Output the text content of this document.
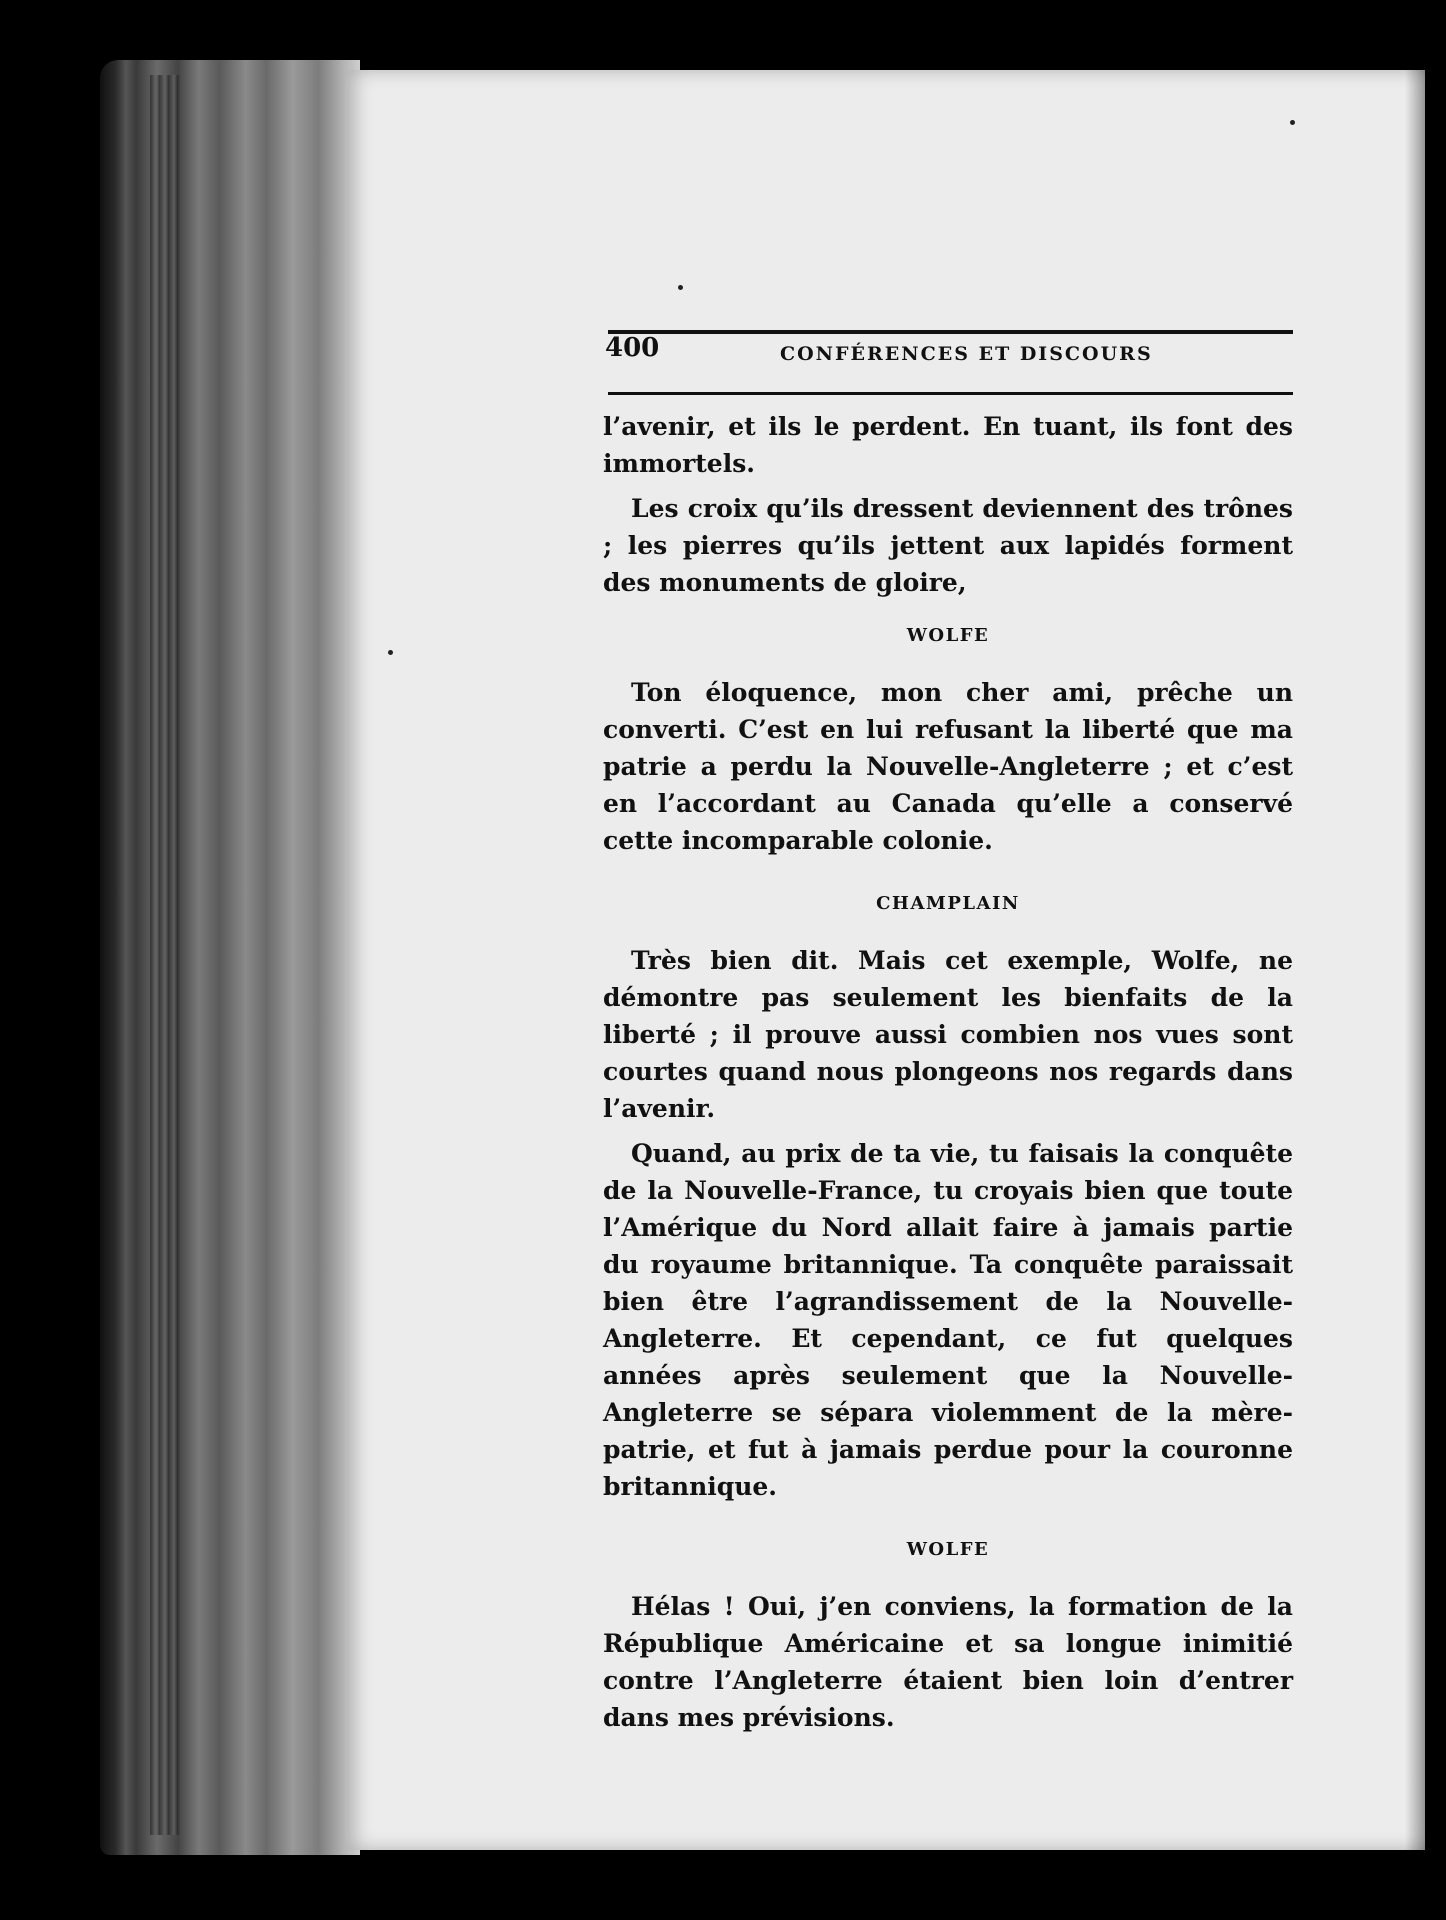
400	CONFÉRENCES ET DISCOURS

l’avenir, et ils le perdent. En tuant, ils font des immortels.

Les croix qu’ils dressent deviennent des trônes ; les pierres qu’ils jettent aux lapidés forment des monuments de gloire,

WOLFE

Ton éloquence, mon cher ami, prêche un converti. C’est en lui refusant la liberté que ma patrie a perdu la Nouvelle-Angleterre ; et c’est en l’accordant au Canada qu’elle a conservé cette incomparable colonie.

CHAMPLAIN

Très bien dit. Mais cet exemple, Wolfe, ne démontre pas seulement les bienfaits de la liberté ; il prouve aussi combien nos vues sont courtes quand nous plongeons nos regards dans l’avenir.

Quand, au prix de ta vie, tu faisais la conquête de la Nouvelle-France, tu croyais bien que toute l’Amérique du Nord allait faire à jamais partie du royaume britannique. Ta conquête paraissait bien être l’agrandissement de la Nouvelle-Angleterre. Et cependant, ce fut quelques années après seulement que la Nouvelle-Angleterre se sépara violemment de la mère-patrie, et fut à jamais perdue pour la couronne britannique.

WOLFE

Hélas ! Oui, j’en conviens, la formation de la République Américaine et sa longue inimitié contre l’Angleterre étaient bien loin d’entrer dans mes prévisions.
